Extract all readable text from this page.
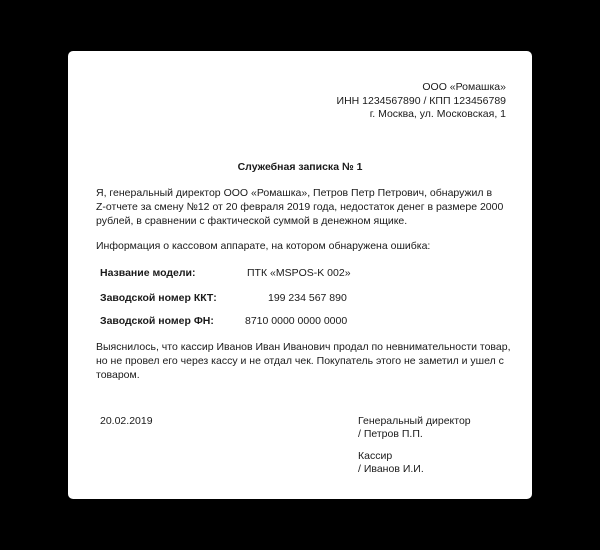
ООО «Ромашка»
ИНН 1234567890 / КПП 123456789
г. Москва, ул. Московская, 1
Служебная записка № 1
Я, генеральный директор ООО «Ромашка», Петров Петр Петрович, обнаружил в
Z-отчете за смену №12 от 20 февраля 2019 года, недостаток денег в размере 2000
рублей, в сравнении с фактической суммой в денежном ящике.
Информация о кассовом аппарате, на котором обнаружена ошибка:
Название модели:	ПТК «MSPOS-K 002»
Заводской номер ККТ:	199 234 567 890
Заводской номер ФН:	8710 0000 0000 0000
Выяснилось, что кассир Иванов Иван Иванович продал по невнимательности товар,
но не провел его через кассу и не отдал чек. Покупатель этого не заметил и ушел с
товаром.
20.02.2019	Генеральный директор
/ Петров П.П.
Кассир
/ Иванов И.И.
